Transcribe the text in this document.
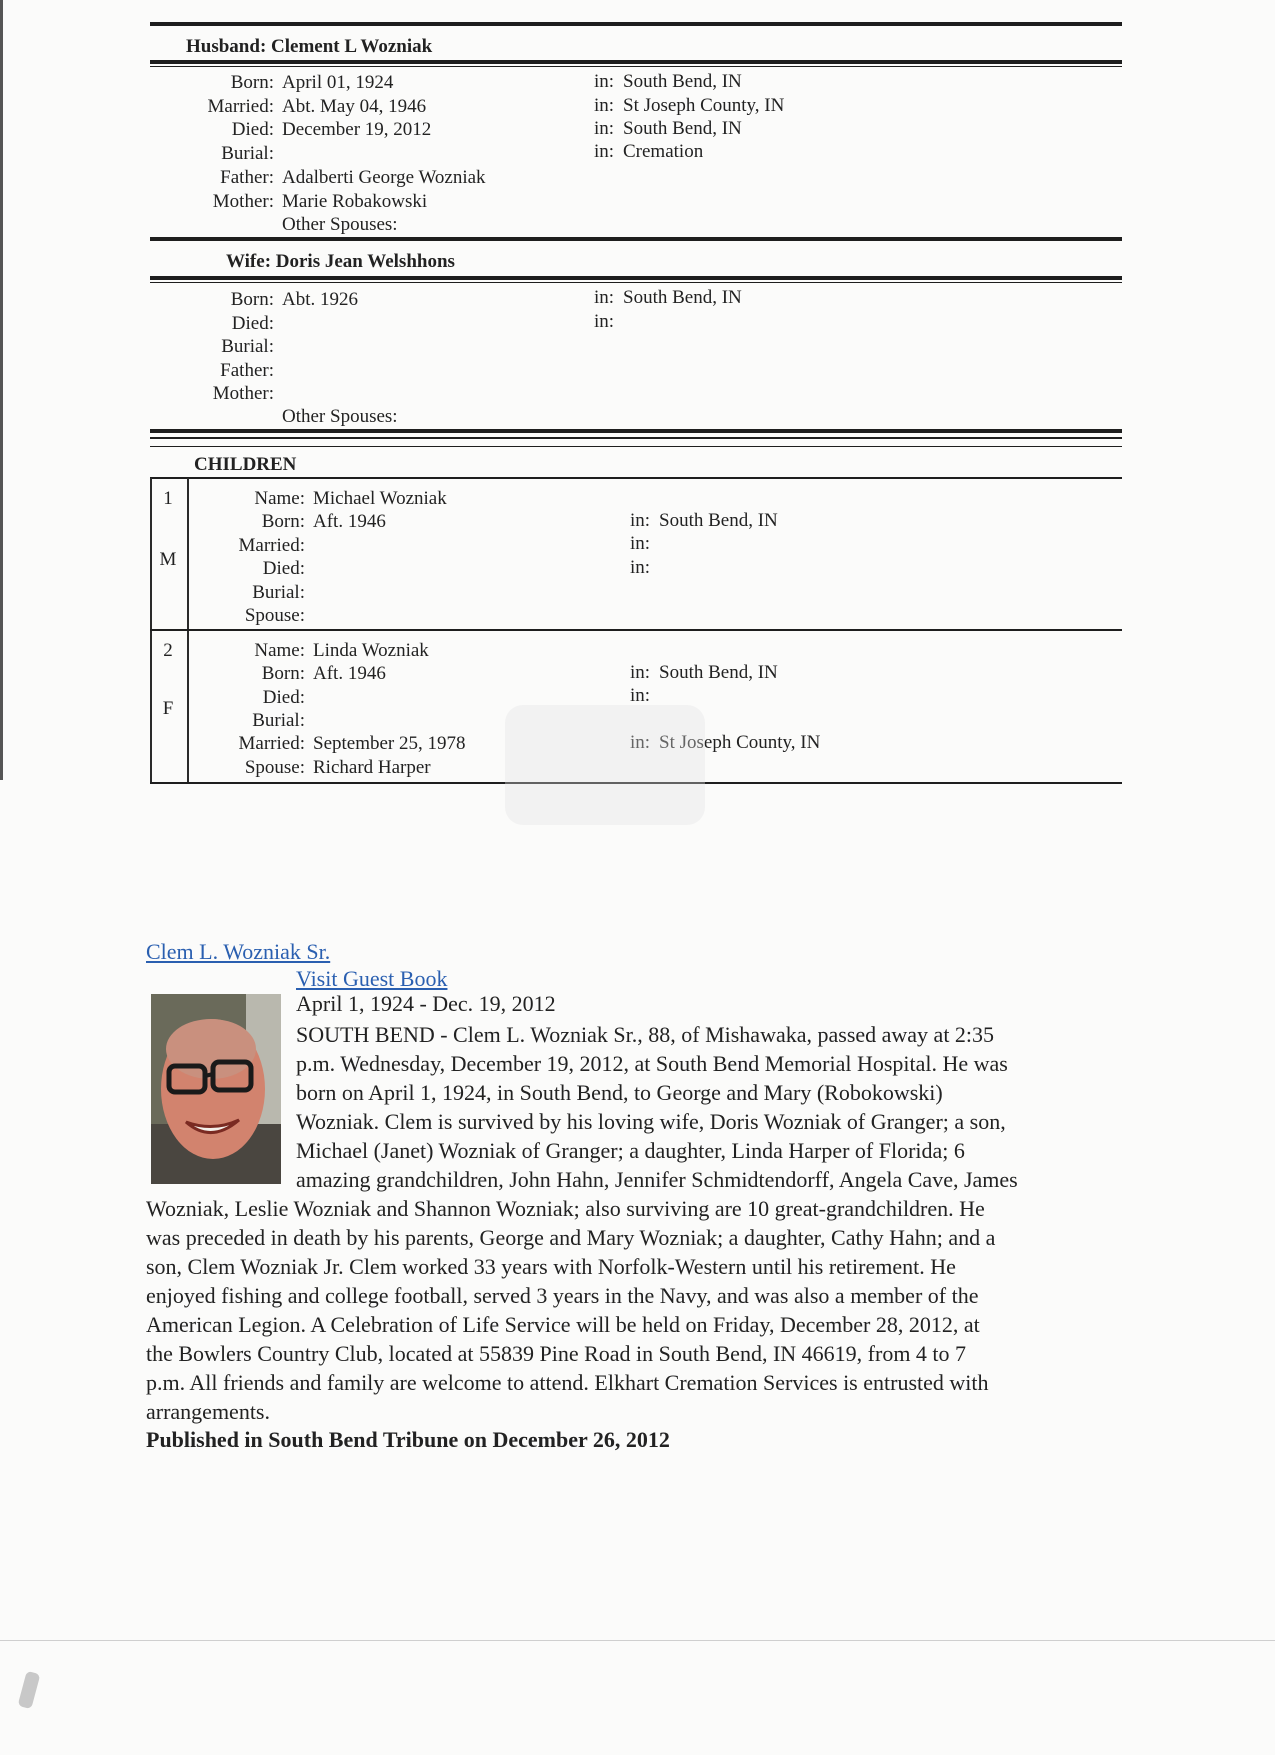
Husband: Clement L Wozniak
Born: April 01, 1924	in: South Bend, IN
Married: Abt. May 04, 1946	in: St Joseph County, IN
Died: December 19, 2012	in: South Bend, IN
Burial:	in: Cremation
Father: Adalberti George Wozniak
Mother: Marie Robakowski
Other Spouses:
Wife: Doris Jean Welshhons
Born: Abt. 1926	in: South Bend, IN
Died:	in:
Burial:
Father:
Mother:
Other Spouses:
CHILDREN
1
M
Name: Michael Wozniak
Born: Aft. 1946	in: South Bend, IN
Married:	in:
Died:	in:
Burial:
Spouse:
2
F
Name: Linda Wozniak
Born: Aft. 1946	in: South Bend, IN
Died:	in:
Burial:
Married: September 25, 1978	in: St Joseph County, IN
Spouse: Richard Harper
Clem L. Wozniak Sr.
Visit Guest Book
April 1, 1924 - Dec. 19, 2012
SOUTH BEND - Clem L. Wozniak Sr., 88, of Mishawaka, passed away at 2:35
p.m. Wednesday, December 19, 2012, at South Bend Memorial Hospital. He was
born on April 1, 1924, in South Bend, to George and Mary (Robokowski)
Wozniak. Clem is survived by his loving wife, Doris Wozniak of Granger; a son,
Michael (Janet) Wozniak of Granger; a daughter, Linda Harper of Florida; 6
amazing grandchildren, John Hahn, Jennifer Schmidtendorff, Angela Cave, James
Wozniak, Leslie Wozniak and Shannon Wozniak; also surviving are 10 great-grandchildren. He
was preceded in death by his parents, George and Mary Wozniak; a daughter, Cathy Hahn; and a
son, Clem Wozniak Jr. Clem worked 33 years with Norfolk-Western until his retirement. He
enjoyed fishing and college football, served 3 years in the Navy, and was also a member of the
American Legion. A Celebration of Life Service will be held on Friday, December 28, 2012, at
the Bowlers Country Club, located at 55839 Pine Road in South Bend, IN 46619, from 4 to 7
p.m. All friends and family are welcome to attend. Elkhart Cremation Services is entrusted with
arrangements.
Published in South Bend Tribune on December 26, 2012
